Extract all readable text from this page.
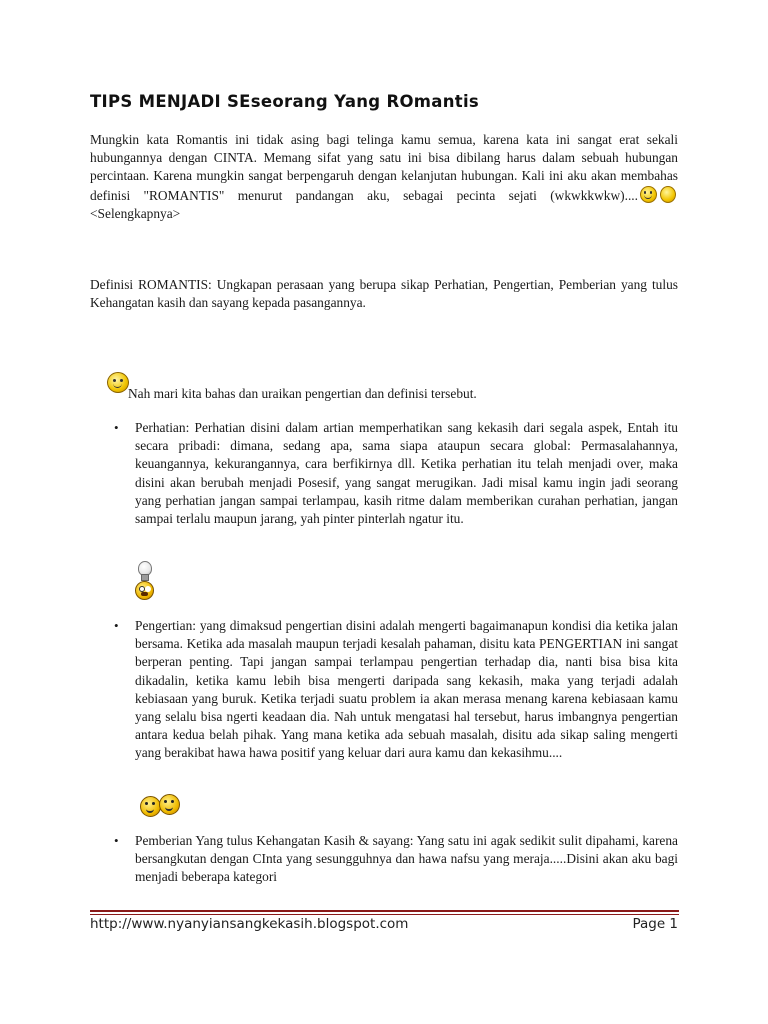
TIPS MENJADI SEseorang Yang ROmantis
Mungkin kata Romantis ini tidak asing bagi telinga kamu semua, karena kata ini sangat erat sekali hubungannya dengan CINTA. Memang sifat yang satu ini bisa dibilang harus dalam sebuah hubungan percintaan. Karena mungkin sangat berpengaruh dengan kelanjutan hubungan. Kali ini aku akan membahas definisi "ROMANTIS" menurut pandangan aku, sebagai pecinta sejati (wkwkkwkw)....<Selengkapnya>
Definisi ROMANTIS: Ungkapan perasaan yang berupa sikap Perhatian, Pengertian, Pemberian yang tulus Kehangatan kasih dan sayang kepada pasangannya.
Nah mari kita bahas dan uraikan pengertian dan definisi tersebut.
• Perhatian: Perhatian disini dalam artian memperhatikan sang kekasih dari segala aspek, Entah itu secara pribadi: dimana, sedang apa, sama siapa ataupun secara global: Permasalahannya, keuangannya, kekurangannya, cara berfikirnya dll. Ketika perhatian itu telah menjadi over, maka disini akan berubah menjadi Posesif, yang sangat merugikan. Jadi misal kamu ingin jadi seorang yang perhatian jangan sampai terlampau, kasih ritme dalam memberikan curahan perhatian, jangan sampai terlalu maupun jarang, yah pinter pinterlah ngatur itu.
• Pengertian: yang dimaksud pengertian disini adalah mengerti bagaimanapun kondisi dia ketika jalan bersama. Ketika ada masalah maupun terjadi kesalah pahaman, disitu kata PENGERTIAN ini sangat berperan penting. Tapi jangan sampai terlampau pengertian terhadap dia, nanti bisa bisa kita dikadalin, ketika kamu lebih bisa mengerti daripada sang kekasih, maka yang terjadi adalah kebiasaan yang buruk. Ketika terjadi suatu problem ia akan merasa menang karena kebiasaan kamu yang selalu bisa ngerti keadaan dia. Nah untuk mengatasi hal tersebut, harus imbangnya pengertian antara kedua belah pihak. Yang mana ketika ada sebuah masalah, disitu ada sikap saling mengerti yang berakibat hawa hawa positif yang keluar dari aura kamu dan kekasihmu....
• Pemberian Yang tulus Kehangatan Kasih & sayang: Yang satu ini agak sedikit sulit dipahami, karena bersangkutan dengan CInta yang sesungguhnya dan hawa nafsu yang meraja.....Disini akan aku bagi menjadi beberapa kategori
http://www.nyanyiansangkekasih.blogspot.com	Page 1
